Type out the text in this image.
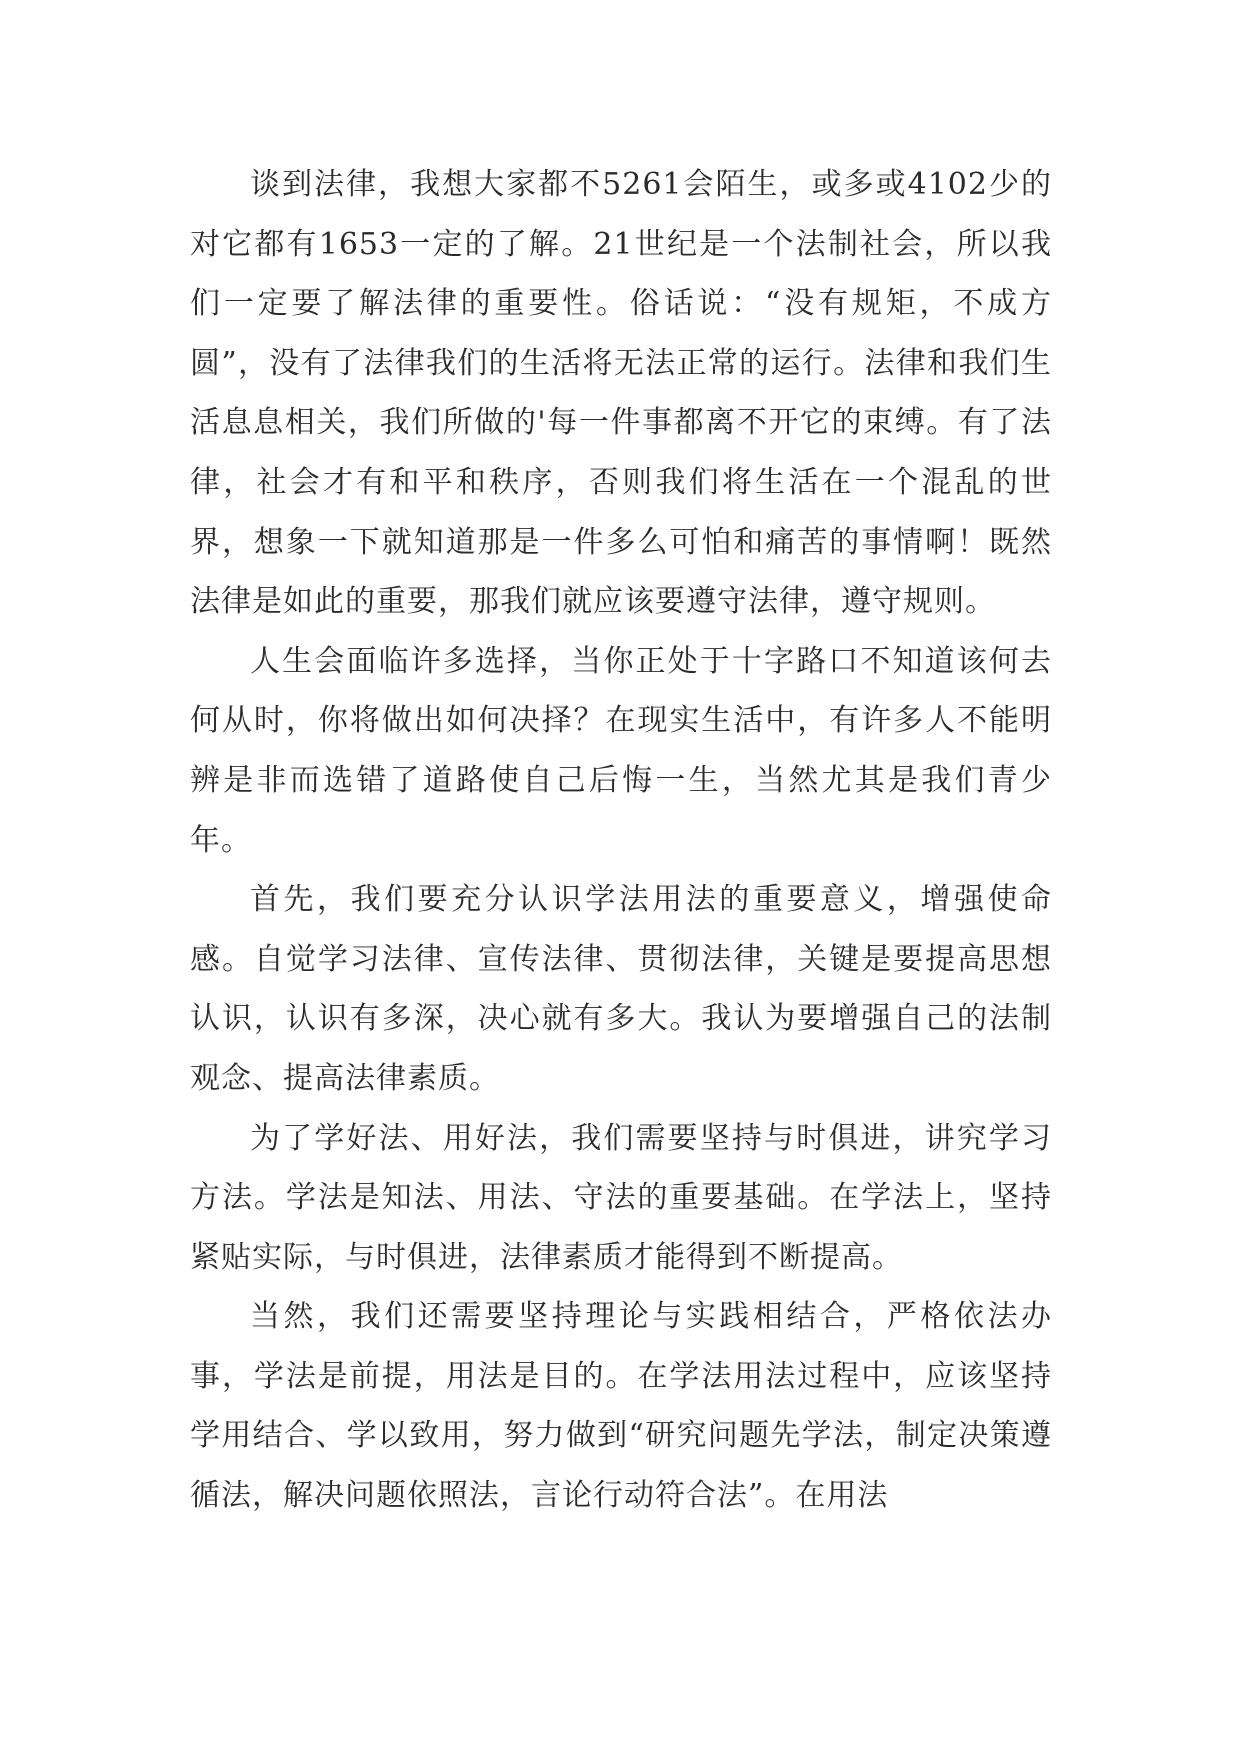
谈到法律，我想大家都不5261会陌生，或多或4102少的对它都有1653一定的了解。21世纪是一个法制社会，所以我们一定要了解法律的重要性。俗话说：“没有规矩，不成方圆”，没有了法律我们的生活将无法正常的运行。法律和我们生活息息相关，我们所做的'每一件事都离不开它的束缚。有了法律，社会才有和平和秩序，否则我们将生活在一个混乱的世界，想象一下就知道那是一件多么可怕和痛苦的事情啊！既然法律是如此的重要，那我们就应该要遵守法律，遵守规则。

人生会面临许多选择，当你正处于十字路口不知道该何去何从时，你将做出如何决择？在现实生活中，有许多人不能明辨是非而选错了道路使自己后悔一生，当然尤其是我们青少年。

首先，我们要充分认识学法用法的重要意义，增强使命感。自觉学习法律、宣传法律、贯彻法律，关键是要提高思想认识，认识有多深，决心就有多大。我认为要增强自己的法制观念、提高法律素质。

为了学好法、用好法，我们需要坚持与时俱进，讲究学习方法。学法是知法、用法、守法的重要基础。在学法上，坚持紧贴实际，与时俱进，法律素质才能得到不断提高。

当然，我们还需要坚持理论与实践相结合，严格依法办事，学法是前提，用法是目的。在学法用法过程中，应该坚持学用结合、学以致用，努力做到“研究问题先学法，制定决策遵循法，解决问题依照法，言论行动符合法”。在用法
